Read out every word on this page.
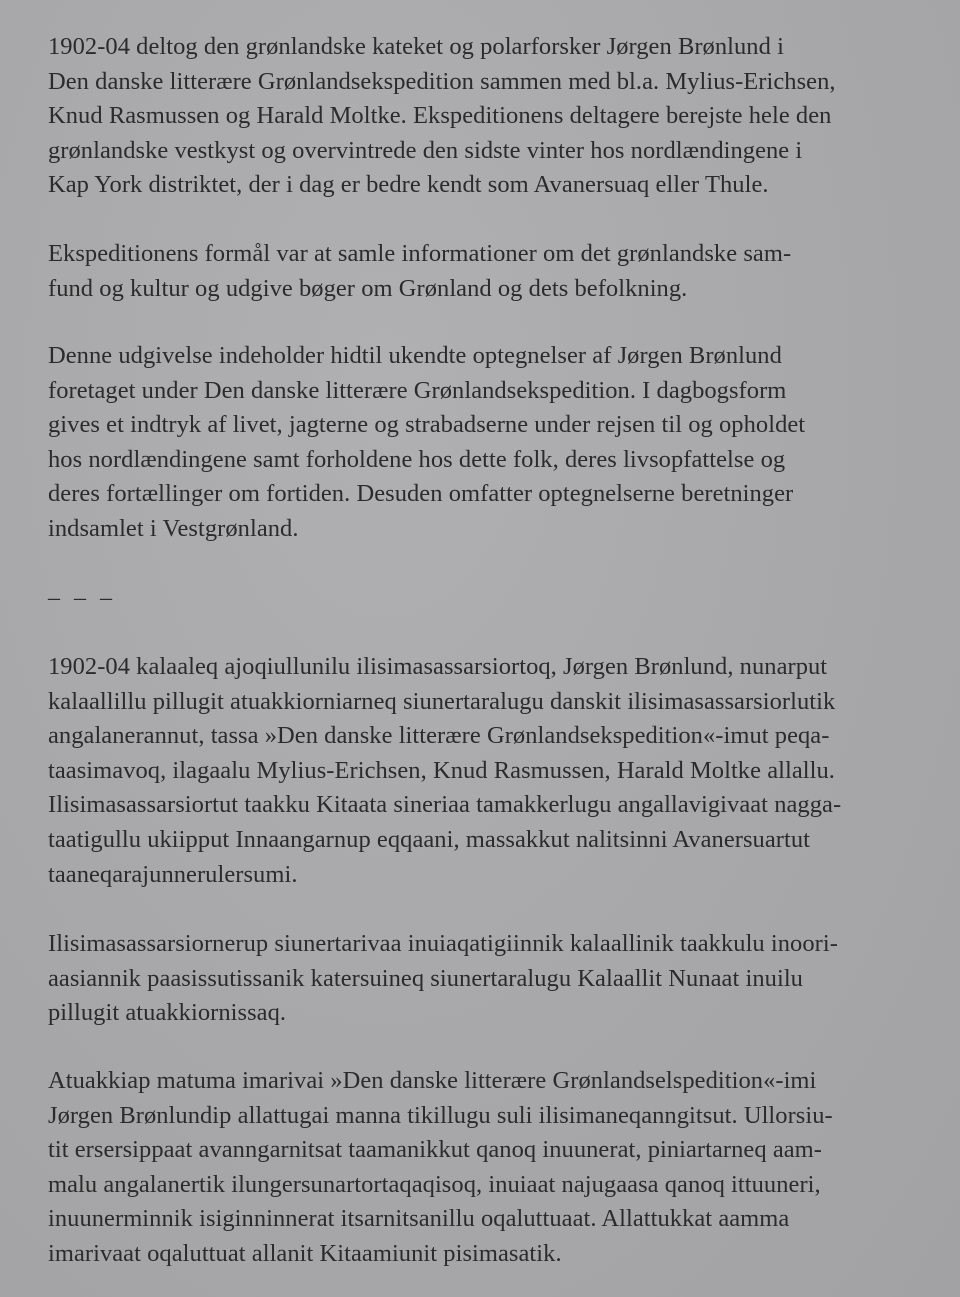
1902-04 deltog den grønlandske kateket og polarforsker Jørgen Brønlund i
Den danske litterære Grønlandsekspedition sammen med bl.a. Mylius-Erichsen,
Knud Rasmussen og Harald Moltke. Ekspeditionens deltagere berejste hele den
grønlandske vestkyst og overvintrede den sidste vinter hos nordlændingene i
Kap York distriktet, der i dag er bedre kendt som Avanersuaq eller Thule.
Ekspeditionens formål var at samle informationer om det grønlandske sam-
fund og kultur og udgive bøger om Grønland og dets befolkning.
Denne udgivelse indeholder hidtil ukendte optegnelser af Jørgen Brønlund
foretaget under Den danske litterære Grønlandsekspedition. I dagbogsform
gives et indtryk af livet, jagterne og strabadserne under rejsen til og opholdet
hos nordlændingene samt forholdene hos dette folk, deres livsopfattelse og
deres fortællinger om fortiden. Desuden omfatter optegnelserne beretninger
indsamlet i Vestgrønland.
– – –
1902-04 kalaaleq ajoqiullunilu ilisimasassarsiortoq, Jørgen Brønlund, nunarput
kalaallillu pillugit atuakkiorniarneq siunertaralugu danskit ilisimasassarsiorlutik
angalanerannut, tassa »Den danske litterære Grønlandsekspedition«-imut peqa-
taasimavoq, ilagaalu Mylius-Erichsen, Knud Rasmussen, Harald Moltke allallu.
Ilisimasassarsiortut taakku Kitaata sineriaa tamakkerlugu angallavigivaat nagga-
taatigullu ukiipput Innaangarnup eqqaani, massakkut nalitsinni Avanersuartut
taaneqarajunnerulersumi.
Ilisimasassarsiornerup siunertarivaa inuiaqatigiinnik kalaallinik taakkulu inoori-
aasiannik paasissutissanik katersuineq siunertaralugu Kalaallit Nunaat inuilu
pillugit atuakkiornissaq.
Atuakkiap matuma imarivai »Den danske litterære Grønlandselspedition«-imi
Jørgen Brønlundip allattugai manna tikillugu suli ilisimaneqanngitsut. Ullorsiu-
tit ersersippaat avanngarnitsat taamanikkut qanoq inuunerat, piniartarneq aam-
malu angalanertik ilungersunartortaqaqisoq, inuiaat najugaasa qanoq ittuuneri,
inuunerminnik isiginninnerat itsarnitsanillu oqaluttuaat. Allattukkat aamma
imarivaat oqaluttuat allanit Kitaamiunit pisimasatik.
